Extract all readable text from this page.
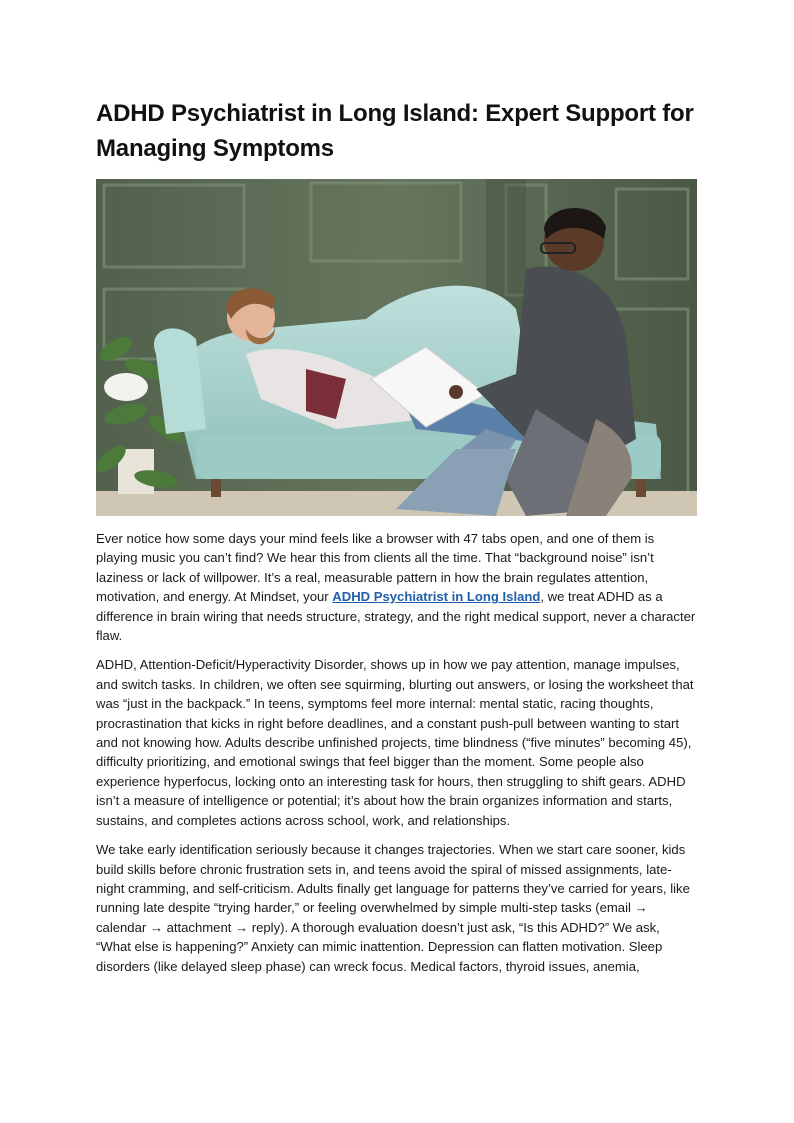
ADHD Psychiatrist in Long Island: Expert Support for Managing Symptoms

Ever notice how some days your mind feels like a browser with 47 tabs open, and one of them is playing music you can’t find? We hear this from clients all the time. That “background noise” isn’t laziness or lack of willpower. It’s a real, measurable pattern in how the brain regulates attention, motivation, and energy. At Mindset, your ADHD Psychiatrist in Long Island, we treat ADHD as a difference in brain wiring that needs structure, strategy, and the right medical support, never a character flaw.

ADHD, Attention-Deficit/Hyperactivity Disorder, shows up in how we pay attention, manage impulses, and switch tasks. In children, we often see squirming, blurting out answers, or losing the worksheet that was “just in the backpack.” In teens, symptoms feel more internal: mental static, racing thoughts, procrastination that kicks in right before deadlines, and a constant push-pull between wanting to start and not knowing how. Adults describe unfinished projects, time blindness (“five minutes” becoming 45), difficulty prioritizing, and emotional swings that feel bigger than the moment. Some people also experience hyperfocus, locking onto an interesting task for hours, then struggling to shift gears. ADHD isn’t a measure of intelligence or potential; it’s about how the brain organizes information and starts, sustains, and completes actions across school, work, and relationships.

We take early identification seriously because it changes trajectories. When we start care sooner, kids build skills before chronic frustration sets in, and teens avoid the spiral of missed assignments, late-night cramming, and self-criticism. Adults finally get language for patterns they’ve carried for years, like running late despite “trying harder,” or feeling overwhelmed by simple multi-step tasks (email → calendar → attachment → reply). A thorough evaluation doesn’t just ask, “Is this ADHD?” We ask, “What else is happening?” Anxiety can mimic inattention. Depression can flatten motivation. Sleep disorders (like delayed sleep phase) can wreck focus. Medical factors, thyroid issues, anemia,
